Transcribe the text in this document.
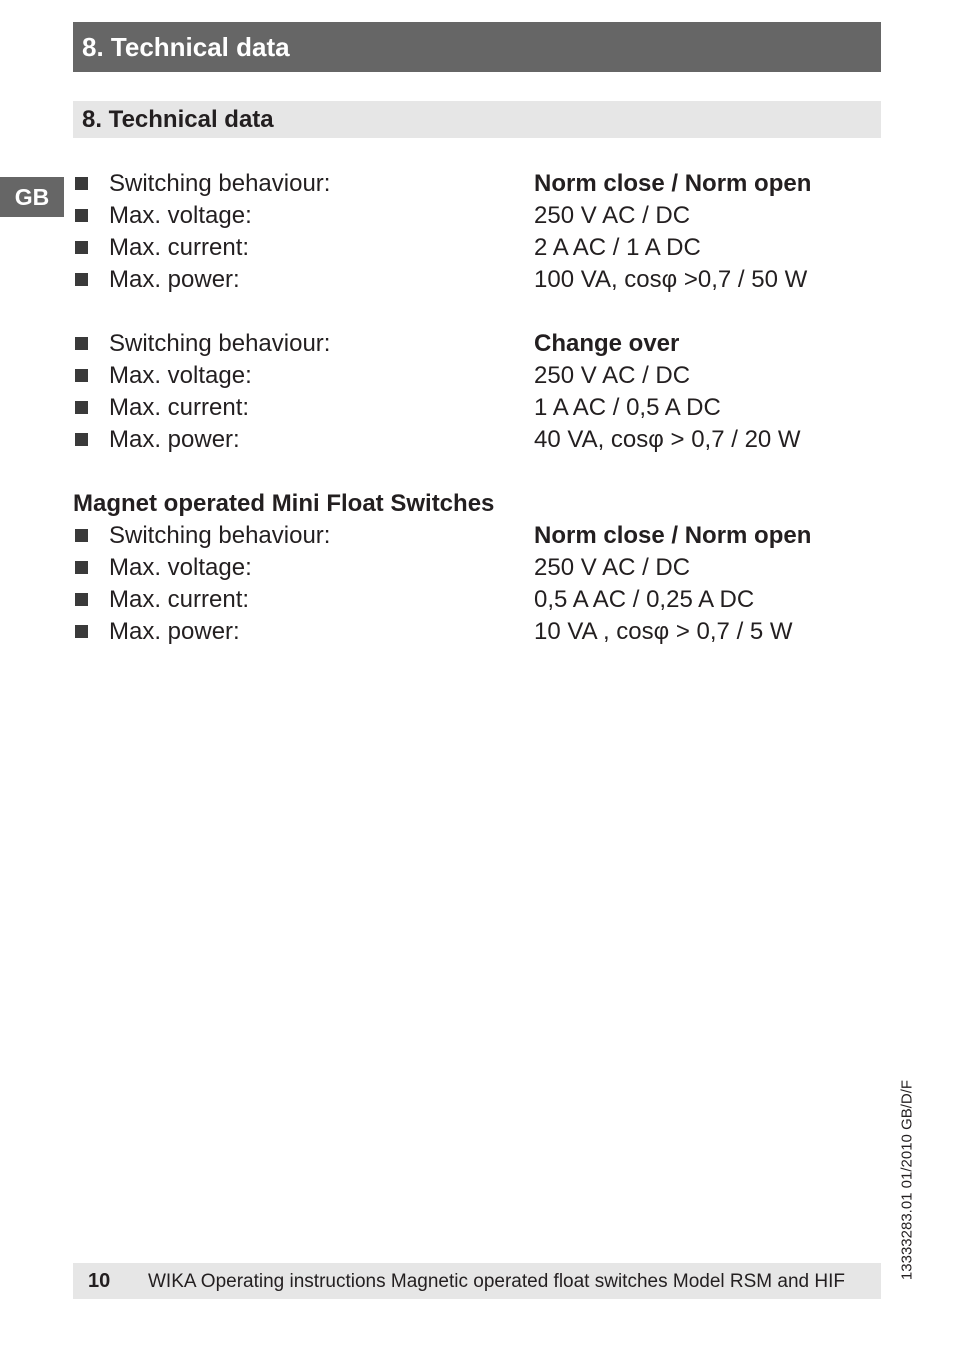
8. Technical data
8. Technical data
GB	Switching behaviour:	Norm close / Norm open
Max. voltage:	250 V AC / DC
Max. current:	2 A AC / 1 A DC
Max. power:	100 VA, cosφ >0,7 / 50 W
Switching behaviour:	Change over
Max. voltage:	250 V AC / DC
Max. current:	1 A AC / 0,5 A DC
Max. power:	40 VA, cosφ > 0,7 / 20 W
Magnet operated Mini Float Switches
Switching behaviour:	Norm close / Norm open
Max. voltage:	250 V AC / DC
Max. current:	0,5 A AC / 0,25 A DC
Max. power:	10 VA , cosφ > 0,7 / 5 W
13333283.01 01/2010 GB/D/F
10 WIKA Operating instructions Magnetic operated float switches Model RSM and HIF
